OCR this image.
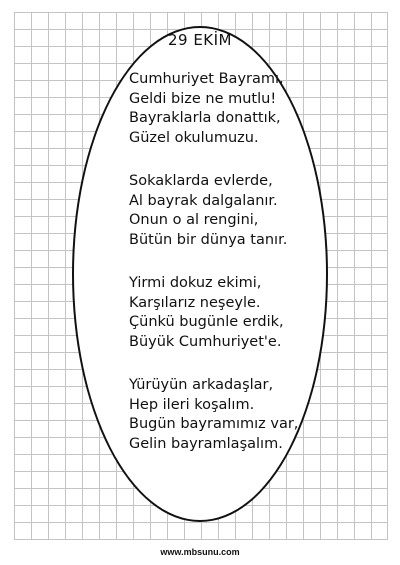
29 EKİM
Cumhuriyet Bayramı,
Geldi bize ne mutlu!
Bayraklarla donattık,
Güzel okulumuzu.
Sokaklarda evlerde,
Al bayrak dalgalanır.
Onun o al rengini,
Bütün bir dünya tanır.
Yirmi dokuz ekimi,
Karşılarız neşeyle.
Çünkü bugünle erdik,
Büyük Cumhuriyet'e.
Yürüyün arkadaşlar,
Hep ileri koşalım.
Bugün bayramımız var,
Gelin bayramlaşalım.
www.mbsunu.com
